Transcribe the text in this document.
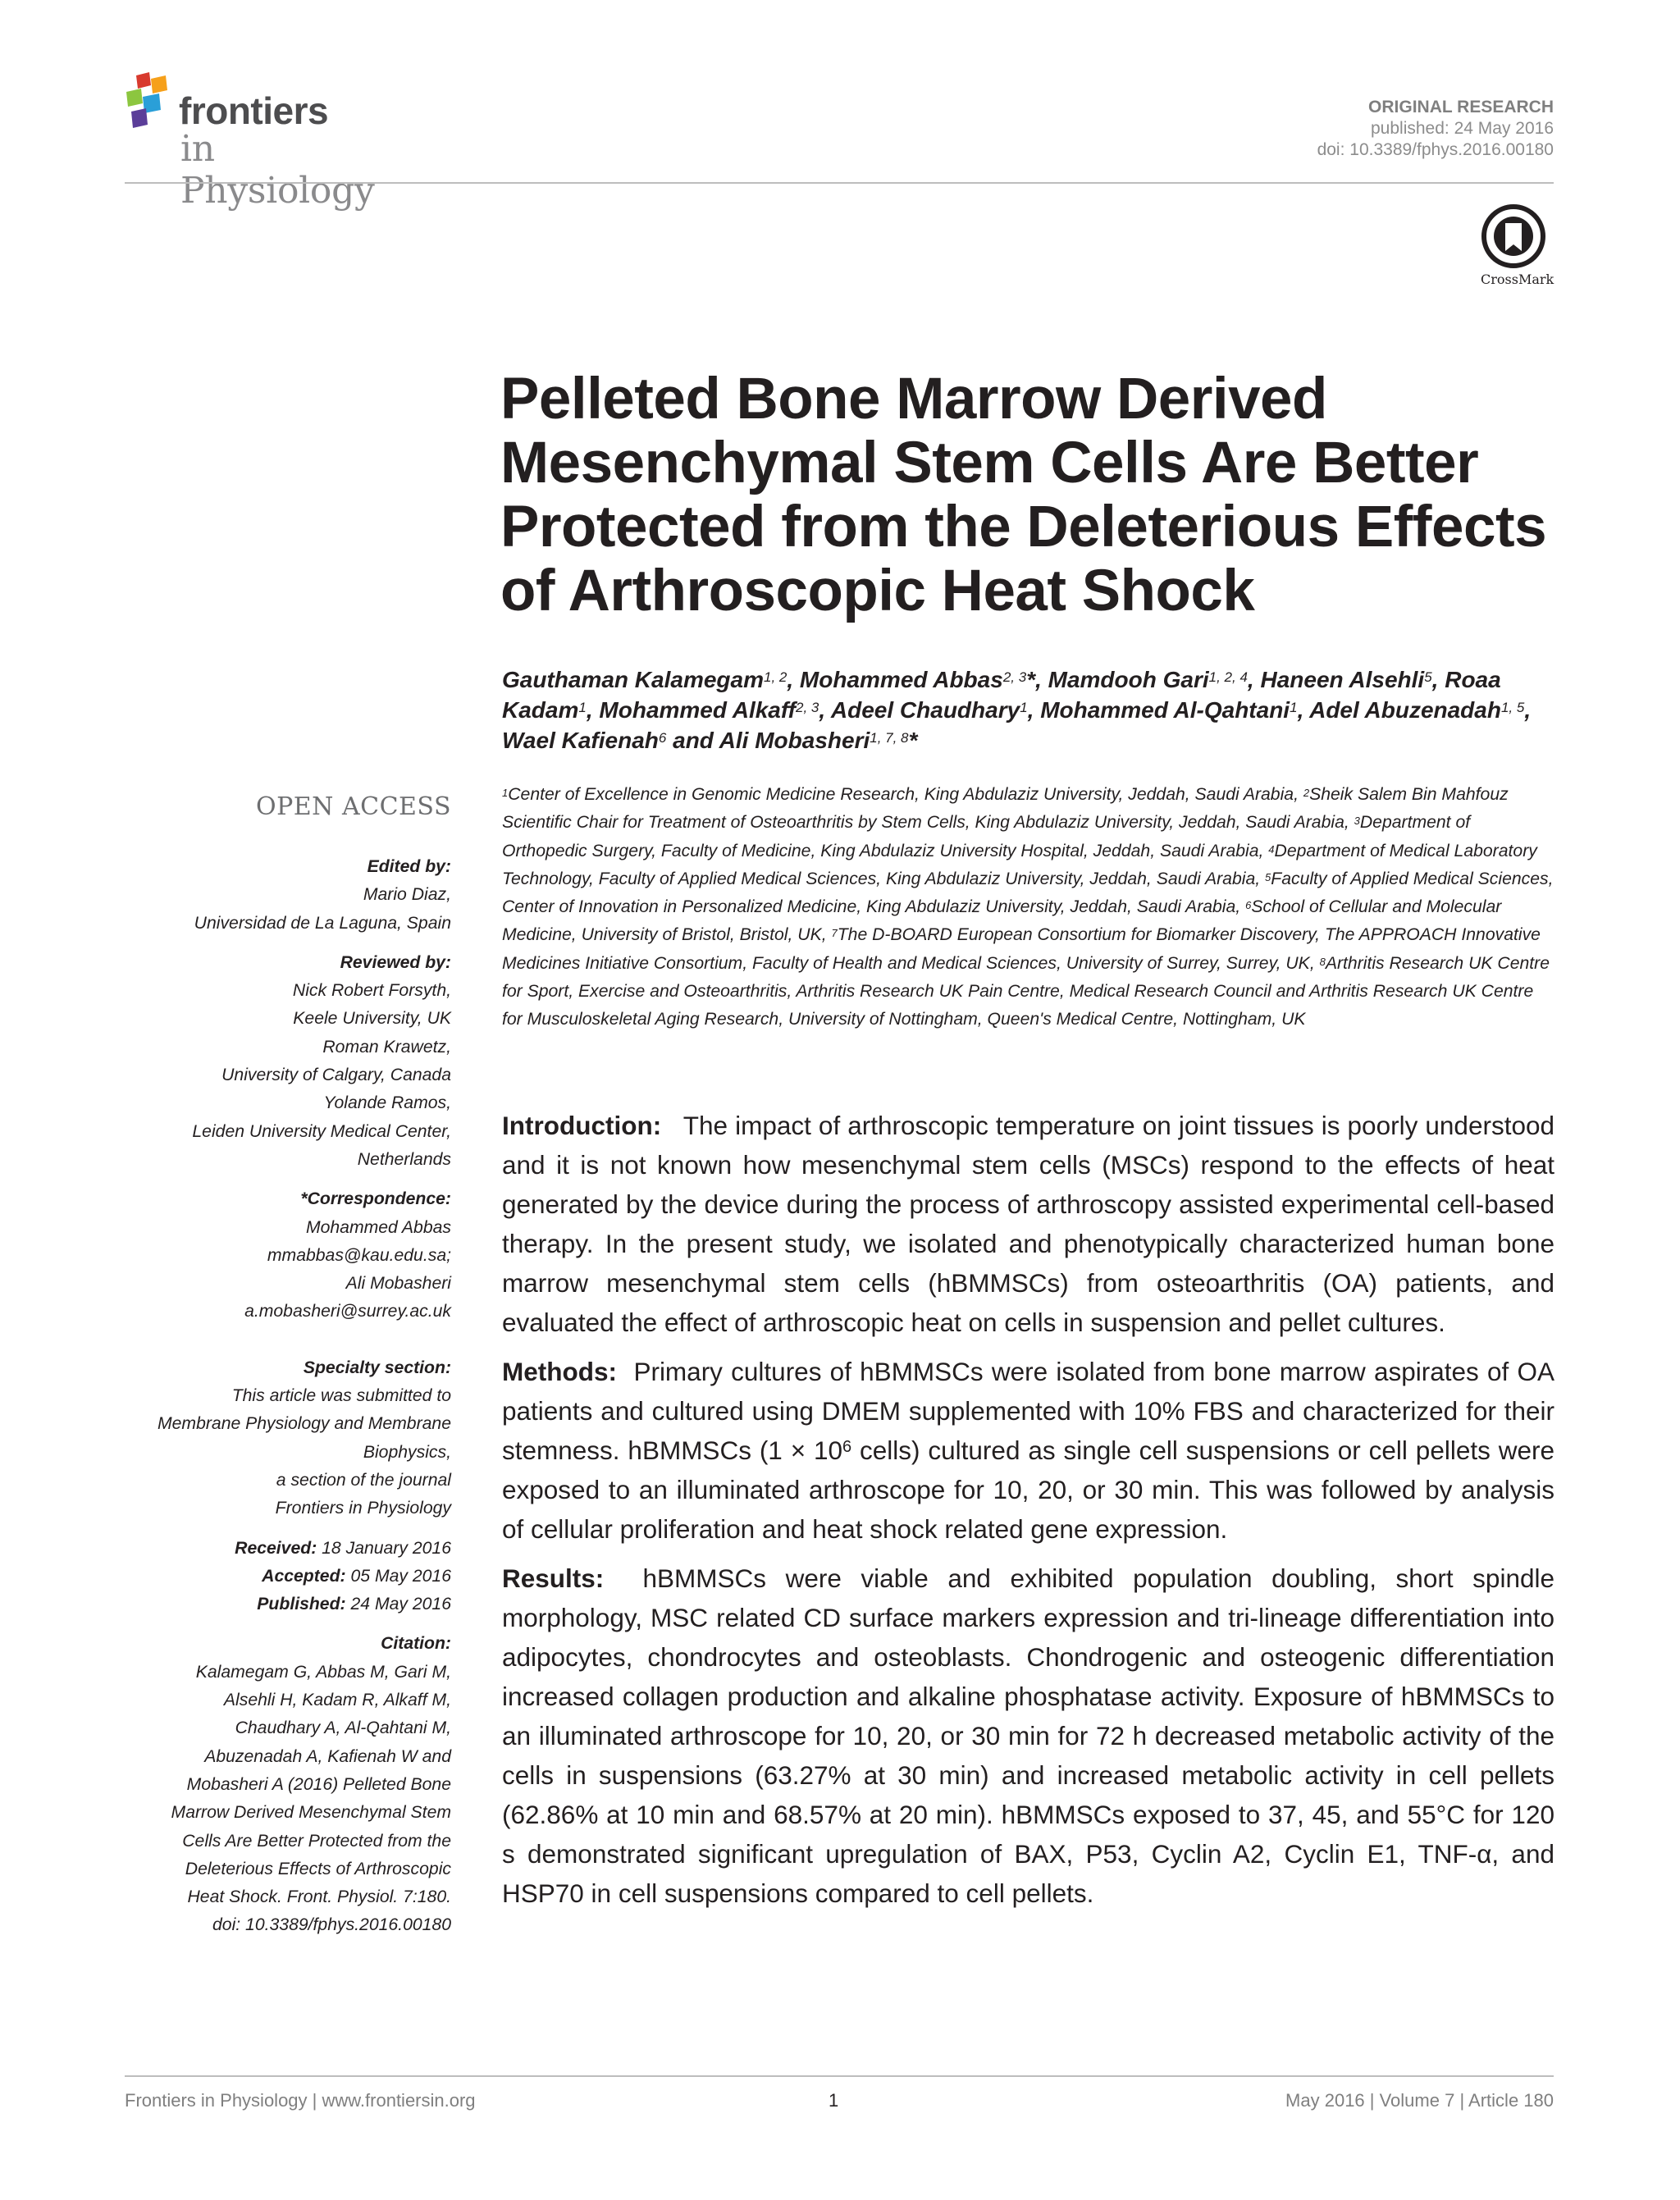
frontiers
in Physiology
ORIGINAL RESEARCH
published: 24 May 2016
doi: 10.3389/fphys.2016.00180
CrossMark
Pelleted Bone Marrow Derived Mesenchymal Stem Cells Are Better Protected from the Deleterious Effects of Arthroscopic Heat Shock
Gauthaman Kalamegam$^{1, 2}$, Mohammed Abbas$^{2, 3}$*, Mamdooh Gari$^{1, 2, 4}$, Haneen Alsehli$^5$, Roaa Kadam$^1$, Mohammed Alkaff$^{2, 3}$, Adeel Chaudhary$^1$, Mohammed Al-Qahtani$^1$, Adel Abuzenadah$^{1, 5}$, Wael Kafienah$^6$ and Ali Mobasheri$^{1, 7, 8}$*
$^1$Center of Excellence in Genomic Medicine Research, King Abdulaziz University, Jeddah, Saudi Arabia, $^2$Sheik Salem Bin Mahfouz Scientific Chair for Treatment of Osteoarthritis by Stem Cells, King Abdulaziz University, Jeddah, Saudi Arabia, $^3$Department of Orthopedic Surgery, Faculty of Medicine, King Abdulaziz University Hospital, Jeddah, Saudi Arabia, $^4$Department of Medical Laboratory Technology, Faculty of Applied Medical Sciences, King Abdulaziz University, Jeddah, Saudi Arabia, $^5$Faculty of Applied Medical Sciences, Center of Innovation in Personalized Medicine, King Abdulaziz University, Jeddah, Saudi Arabia, $^6$School of Cellular and Molecular Medicine, University of Bristol, Bristol, UK, $^7$The D-BOARD European Consortium for Biomarker Discovery, The APPROACH Innovative Medicines Initiative Consortium, Faculty of Health and Medical Sciences, University of Surrey, Surrey, UK, $^8$Arthritis Research UK Centre for Sport, Exercise and Osteoarthritis, Arthritis Research UK Pain Centre, Medical Research Council and Arthritis Research UK Centre for Musculoskeletal Aging Research, University of Nottingham, Queen's Medical Centre, Nottingham, UK
OPEN ACCESS
Edited by:
Mario Diaz,
Universidad de La Laguna, Spain
Reviewed by:
Nick Robert Forsyth,
Keele University, UK
Roman Krawetz,
University of Calgary, Canada
Yolande Ramos,
Leiden University Medical Center,
Netherlands
*Correspondence:
Mohammed Abbas
mmabbas@kau.edu.sa;
Ali Mobasheri
a.mobasheri@surrey.ac.uk
Specialty section:
This article was submitted to
Membrane Physiology and Membrane
Biophysics,
a section of the journal
Frontiers in Physiology
Received: 18 January 2016
Accepted: 05 May 2016
Published: 24 May 2016
Citation:
Kalamegam G, Abbas M, Gari M,
Alsehli H, Kadam R, Alkaff M,
Chaudhary A, Al-Qahtani M,
Abuzenadah A, Kafienah W and
Mobasheri A (2016) Pelleted Bone
Marrow Derived Mesenchymal Stem
Cells Are Better Protected from the
Deleterious Effects of Arthroscopic
Heat Shock. Front. Physiol. 7:180.
doi: 10.3389/fphys.2016.00180

Introduction: The impact of arthroscopic temperature on joint tissues is poorly understood and it is not known how mesenchymal stem cells (MSCs) respond to the effects of heat generated by the device during the process of arthroscopy assisted experimental cell-based therapy. In the present study, we isolated and phenotypically characterized human bone marrow mesenchymal stem cells (hBMMSCs) from osteoarthritis (OA) patients, and evaluated the effect of arthroscopic heat on cells in suspension and pellet cultures.

Methods: Primary cultures of hBMMSCs were isolated from bone marrow aspirates of OA patients and cultured using DMEM supplemented with 10% FBS and characterized for their stemness. hBMMSCs ($1 \times 10^6$ cells) cultured as single cell suspensions or cell pellets were exposed to an illuminated arthroscope for 10, 20, or 30 min. This was followed by analysis of cellular proliferation and heat shock related gene expression.

Results: hBMMSCs were viable and exhibited population doubling, short spindle morphology, MSC related CD surface markers expression and tri-lineage differentiation into adipocytes, chondrocytes and osteoblasts. Chondrogenic and osteogenic differentiation increased collagen production and alkaline phosphatase activity. Exposure of hBMMSCs to an illuminated arthroscope for 10, 20, or 30 min for 72 h decreased metabolic activity of the cells in suspensions (63.27% at 30 min) and increased metabolic activity in cell pellets (62.86% at 10 min and 68.57% at 20 min). hBMMSCs exposed to 37, 45, and 55°C for 120 s demonstrated significant upregulation of BAX, P53, Cyclin A2, Cyclin E1, TNF-α, and HSP70 in cell suspensions compared to cell pellets.

Frontiers in Physiology | www.frontiersin.org	1	May 2016 | Volume 7 | Article 180
